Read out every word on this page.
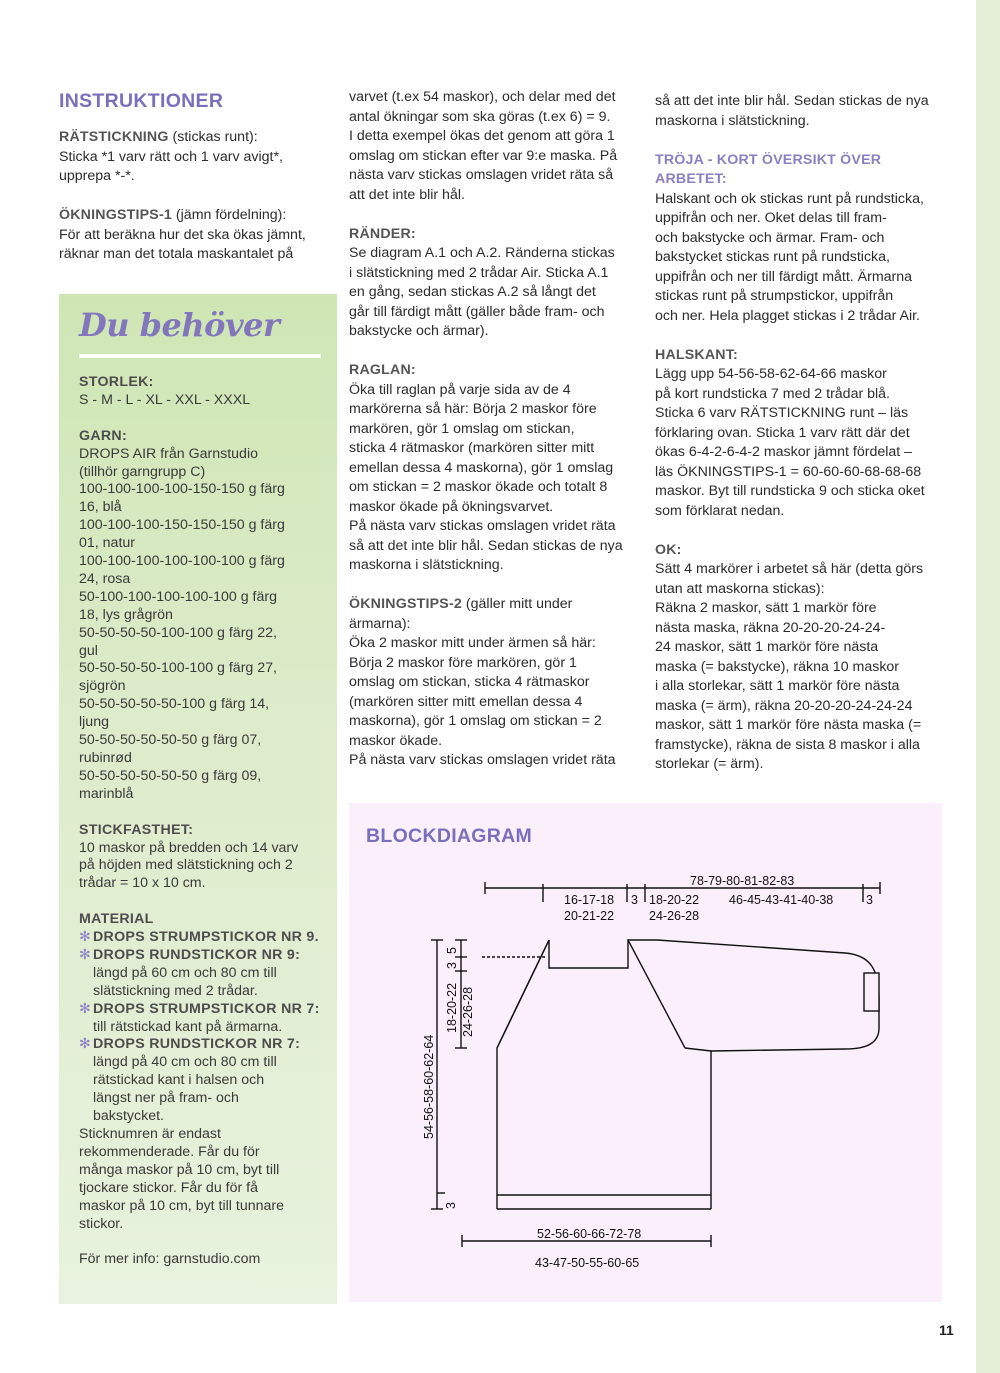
INSTRUKTIONER

RÄTSTICKNING (stickas runt):

Sticka *1 varv rätt och 1 varv avigt*,

upprepa *-*.

ÖKNINGSTIPS-1 (jämn fördelning):

För att beräkna hur det ska ökas jämnt,

räknar man det totala maskantalet på

Du behöver

STORLEK:

S - M - L - XL - XXL - XXXL

GARN:

DROPS AIR från Garnstudio

(tillhör garngrupp C)

100-100-100-100-150-150 g färg

16, blå

100-100-100-150-150-150 g färg

01, natur

100-100-100-100-100-100 g färg

24, rosa

50-100-100-100-100-100 g färg

18, lys grågrön

50-50-50-50-100-100 g färg 22,

gul

50-50-50-50-100-100 g färg 27,

sjögrön

50-50-50-50-50-100 g färg 14,

ljung

50-50-50-50-50-50 g färg 07,

rubinrød

50-50-50-50-50-50 g färg 09,

marinblå

STICKFASTHET:

10 maskor på bredden och 14 varv

på höjden med slätstickning och 2

trådar = 10 x 10 cm.

MATERIAL

✻ DROPS STRUMPSTICKOR NR 9.

✻ DROPS RUNDSTICKOR NR 9:

längd på 60 cm och 80 cm till

slätstickning med 2 trådar.

✻ DROPS STRUMPSTICKOR NR 7:

till rätstickad kant på ärmarna.

✻ DROPS RUNDSTICKOR NR 7:

längd på 40 cm och 80 cm till

rätstickad kant i halsen och

längst ner på fram- och

bakstycket.

Sticknumren är endast

rekommenderade. Får du för

många maskor på 10 cm, byt till

tjockare stickor. Får du för få

maskor på 10 cm, byt till tunnare

stickor.

För mer info: garnstudio.com

varvet (t.ex 54 maskor), och delar med det

antal ökningar som ska göras (t.ex 6) = 9.

I detta exempel ökas det genom att göra 1

omslag om stickan efter var 9:e maska. På

nästa varv stickas omslagen vridet räta så

att det inte blir hål.

RÄNDER:

Se diagram A.1 och A.2. Ränderna stickas

i slätstickning med 2 trådar Air. Sticka A.1

en gång, sedan stickas A.2 så långt det

går till färdigt mått (gäller både fram- och

bakstycke och ärmar).

RAGLAN:

Öka till raglan på varje sida av de 4

markörerna så här: Börja 2 maskor före

markören, gör 1 omslag om stickan,

sticka 4 rätmaskor (markören sitter mitt

emellan dessa 4 maskorna), gör 1 omslag

om stickan = 2 maskor ökade och totalt 8

maskor ökade på ökningsvarvet.

På nästa varv stickas omslagen vridet räta

så att det inte blir hål. Sedan stickas de nya

maskorna i slätstickning.

ÖKNINGSTIPS-2 (gäller mitt under

ärmarna):

Öka 2 maskor mitt under ärmen så här:

Börja 2 maskor före markören, gör 1

omslag om stickan, sticka 4 rätmaskor

(markören sitter mitt emellan dessa 4

maskorna), gör 1 omslag om stickan = 2

maskor ökade.

På nästa varv stickas omslagen vridet räta

så att det inte blir hål. Sedan stickas de nya

maskorna i slätstickning.

TRÖJA - KORT ÖVERSIKT ÖVER

ARBETET:

Halskant och ok stickas runt på rundsticka,

uppifrån och ner. Oket delas till fram-

och bakstycke och ärmar. Fram- och

bakstycket stickas runt på rundsticka,

uppifrån och ner till färdigt mått. Ärmarna

stickas runt på strumpstickor, uppifrån

och ner. Hela plagget stickas i 2 trådar Air.

HALSKANT:

Lägg upp 54-56-58-62-64-66 maskor

på kort rundsticka 7 med 2 trådar blå.

Sticka 6 varv RÄTSTICKNING runt – läs

förklaring ovan. Sticka 1 varv rätt där det

ökas 6-4-2-6-4-2 maskor jämnt fördelat –

läs ÖKNINGSTIPS-1 = 60-60-60-68-68-68

maskor. Byt till rundsticka 9 och sticka oket

som förklarat nedan.

OK:

Sätt 4 markörer i arbetet så här (detta görs

utan att maskorna stickas):

Räkna 2 maskor, sätt 1 markör före

nästa maska, räkna 20-20-20-24-24-

24 maskor, sätt 1 markör före nästa

maska (= bakstycke), räkna 10 maskor

i alla storlekar, sätt 1 markör före nästa

maska (= ärm), räkna 20-20-20-24-24-24

maskor, sätt 1 markör före nästa maska (=

framstycke), räkna de sista 8 maskor i alla

storlekar (= ärm).

BLOCKDIAGRAM
78-79-80-81-82-83
16-17-18
20-21-22
3 18-20-22
24-26-28
46-45-43-41-40-38	3
18-20-22 24-26-28
3
5
54-56-58-60-62-64
3
52-56-60-66-72-78
43-47-50-55-60-65
11
